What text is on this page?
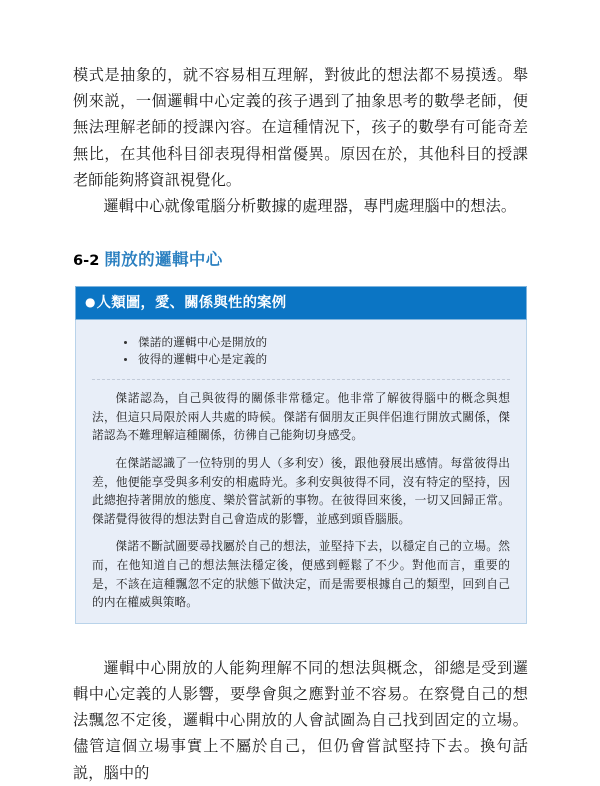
模式是抽象的，就不容易相互理解，對彼此的想法都不易摸透。舉例來説，一個邏輯中心定義的孩子遇到了抽象思考的數學老師，便無法理解老師的授課內容。在這種情況下，孩子的數學有可能奇差無比，在其他科目卻表現得相當優異。原因在於，其他科目的授課老師能夠將資訊視覺化。

邏輯中心就像電腦分析數據的處理器，專門處理腦中的想法。

6-2 開放的邏輯中心
●人類圖，愛、關係與性的案例
傑諾的邏輯中心是開放的
彼得的邏輯中心是定義的

傑諾認為，自己與彼得的關係非常穩定。他非常了解彼得腦中的概念與想法，但這只局限於兩人共處的時候。傑諾有個朋友正與伴侶進行開放式關係，傑諾認為不難理解這種關係，彷彿自己能夠切身感受。

在傑諾認識了一位特別的男人（多利安）後，跟他發展出感情。每當彼得出差，他便能享受與多利安的相處時光。多利安與彼得不同，沒有特定的堅持，因此總抱持著開放的態度、樂於嘗試新的事物。在彼得回來後，一切又回歸正常。傑諾覺得彼得的想法對自己會造成的影響，並感到頭昏腦脹。

傑諾不斷試圖要尋找屬於自己的想法，並堅持下去，以穩定自己的立場。然而，在他知道自己的想法無法穩定後，便感到輕鬆了不少。對他而言，重要的是，不該在這種飄忽不定的狀態下做決定，而是需要根據自己的類型，回到自己的内在權威與策略。

邏輯中心開放的人能夠理解不同的想法與概念，卻總是受到邏輯中心定義的人影響，要學會與之應對並不容易。在察覺自己的想法飄忽不定後，邏輯中心開放的人會試圖為自己找到固定的立場。儘管這個立場事實上不屬於自己，但仍會嘗試堅持下去。換句話説，腦中的
